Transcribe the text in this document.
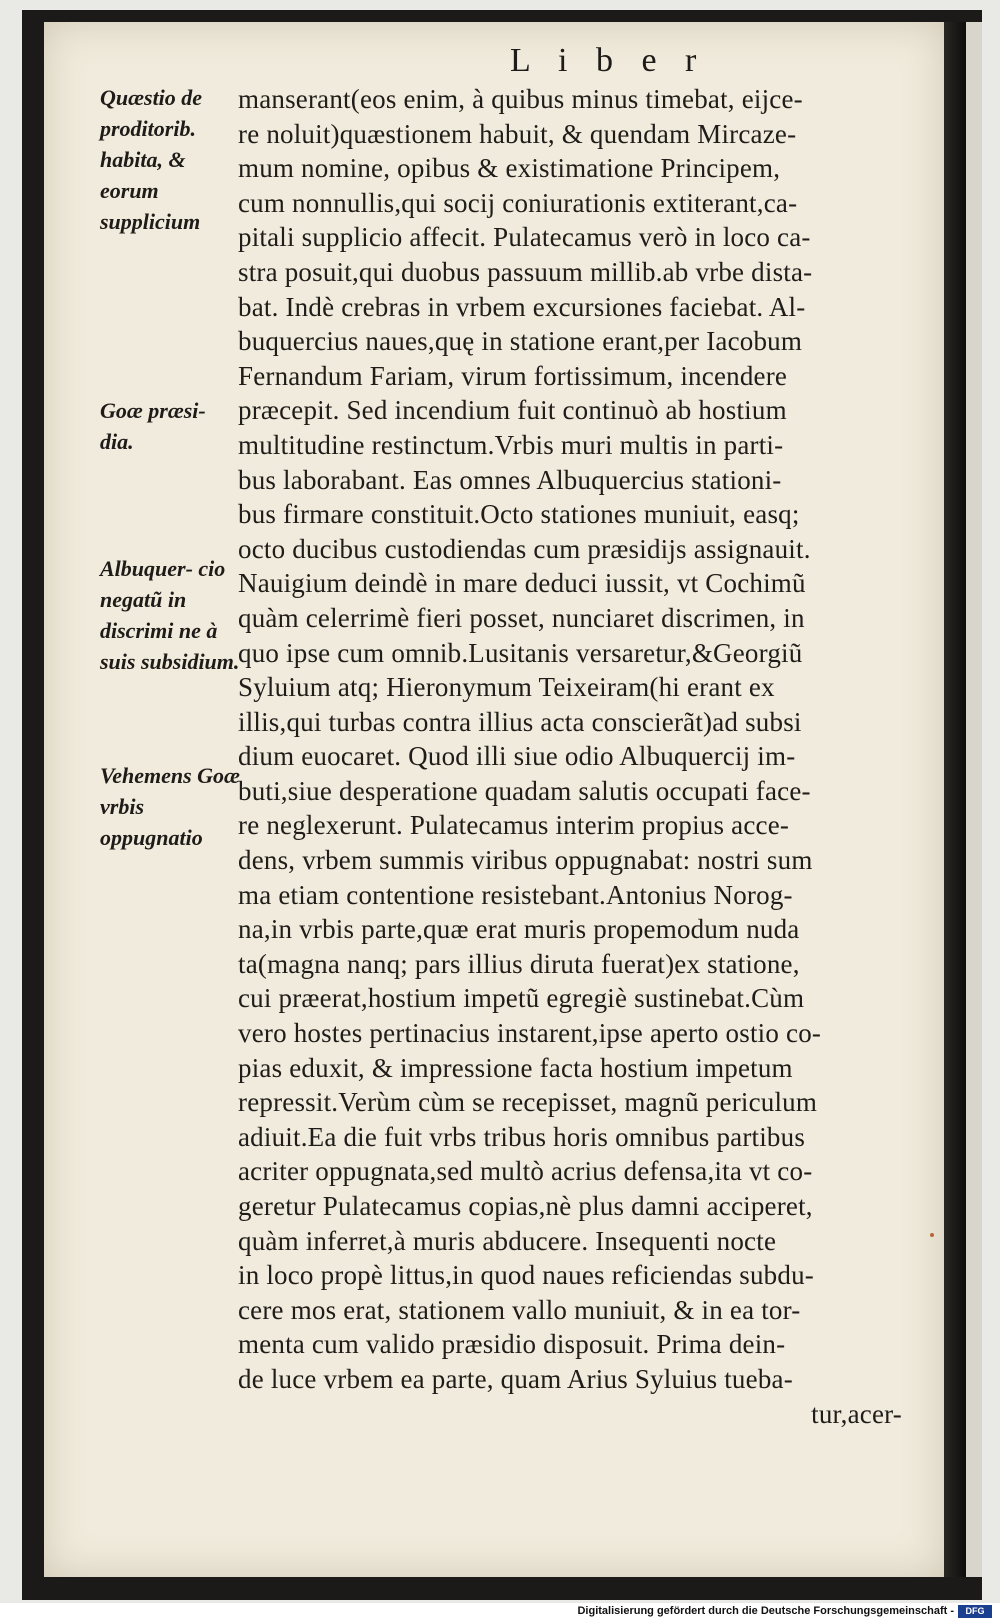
L i b e r
Quæstio de proditorib. habita, & eorum supplicium
Goæ præsi- dia.
Albuquer- cio negatũ in discrimi ne à suis subsidium.
Vehemens Goæ vrbis oppugnatio
manserant(eos enim, à quibus minus timebat, eijce-
re noluit)quæstionem habuit, & quendam Mircaze-
mum nomine, opibus & existimatione Principem,
cum nonnullis,qui socij coniurationis extiterant,ca-
pitali supplicio affecit. Pulatecamus verò in loco ca-
stra posuit,qui duobus passuum millib.ab vrbe dista-
bat. Indè crebras in vrbem excursiones faciebat. Al-
buquercius naues,quę in statione erant,per Iacobum
Fernandum Fariam, virum fortissimum, incendere
præcepit. Sed incendium fuit continuò ab hostium
multitudine restinctum.Vrbis muri multis in parti-
bus laborabant. Eas omnes Albuquercius stationi-
bus firmare constituit.Octo stationes muniuit, easq;
octo ducibus custodiendas cum præsidijs assignauit.
Nauigium deindè in mare deduci iussit, vt Cochimũ
quàm celerrimè fieri posset, nunciaret discrimen, in
quo ipse cum omnib.Lusitanis versaretur,&Georgiũ
Syluium atq; Hieronymum Teixeiram(hi erant ex
illis,qui turbas contra illius acta conscierãt)ad subsi
dium euocaret. Quod illi siue odio Albuquercij im-
buti,siue desperatione quadam salutis occupati face-
re neglexerunt. Pulatecamus interim propius acce-
dens, vrbem summis viribus oppugnabat: nostri sum
ma etiam contentione resistebant.Antonius Norog-
na,in vrbis parte,quæ erat muris propemodum nuda
ta(magna nanq; pars illius diruta fuerat)ex statione,
cui præerat,hostium impetũ egregiè sustinebat.Cùm
vero hostes pertinacius instarent,ipse aperto ostio co-
pias eduxit, & impressione facta hostium impetum
repressit.Verùm cùm se recepisset, magnũ periculum
adiuit.Ea die fuit vrbs tribus horis omnibus partibus
acriter oppugnata,sed multò acrius defensa,ita vt co-
geretur Pulatecamus copias,nè plus damni acciperet,
quàm inferret,à muris abducere. Insequenti nocte
in loco propè littus,in quod naues reficiendas subdu-
cere mos erat, stationem vallo muniuit, & in ea tor-
menta cum valido præsidio disposuit. Prima dein-
de luce vrbem ea parte, quam Arius Syluius tueba-
tur,acer-
Digitalisierung gefördert durch die Deutsche Forschungsgemeinschaft -	DFG
